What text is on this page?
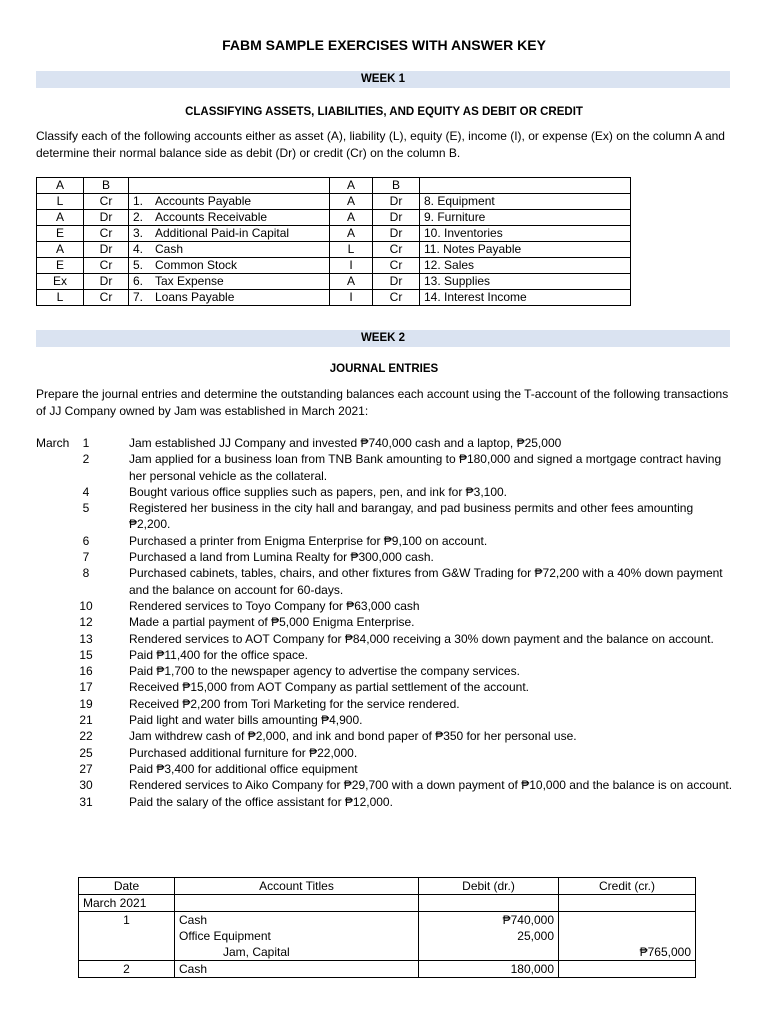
FABM SAMPLE EXERCISES WITH ANSWER KEY
WEEK 1
CLASSIFYING ASSETS, LIABILITIES, AND EQUITY AS DEBIT OR CREDIT
Classify each of the following accounts either as asset (A), liability (L), equity (E), income (I), or expense (Ex) on the column A and determine their normal balance side as debit (Dr) or credit (Cr) on the column B.
A	B		A	B	
L	Cr	1. Accounts Payable	A	Dr	8. Equipment
A	Dr	2. Accounts Receivable	A	Dr	9. Furniture
E	Cr	3. Additional Paid-in Capital	A	Dr	10. Inventories
A	Dr	4. Cash	L	Cr	11. Notes Payable
E	Cr	5. Common Stock	I	Cr	12. Sales
Ex	Dr	6. Tax Expense	A	Dr	13. Supplies
L	Cr	7. Loans Payable	I	Cr	14. Interest Income
WEEK 2
JOURNAL ENTRIES
Prepare the journal entries and determine the outstanding balances each account using the T-account of the following transactions of JJ Company owned by Jam was established in March 2021:
March	1	Jam established JJ Company and invested ₱740,000 cash and a laptop, ₱25,000
2	Jam applied for a business loan from TNB Bank amounting to ₱180,000 and signed a mortgage contract having her personal vehicle as the collateral.
4	Bought various office supplies such as papers, pen, and ink for ₱3,100.
5	Registered her business in the city hall and barangay, and pad business permits and other fees amounting ₱2,200.
6	Purchased a printer from Enigma Enterprise for ₱9,100 on account.
7	Purchased a land from Lumina Realty for ₱300,000 cash.
8	Purchased cabinets, tables, chairs, and other fixtures from G&W Trading for ₱72,200 with a 40% down payment and the balance on account for 60-days.
10	Rendered services to Toyo Company for ₱63,000 cash
12	Made a partial payment of ₱5,000 Enigma Enterprise.
13	Rendered services to AOT Company for ₱84,000 receiving a 30% down payment and the balance on account.
15	Paid ₱11,400 for the office space.
16	Paid ₱1,700 to the newspaper agency to advertise the company services.
17	Received ₱15,000 from AOT Company as partial settlement of the account.
19	Received ₱2,200 from Tori Marketing for the service rendered.
21	Paid light and water bills amounting ₱4,900.
22	Jam withdrew cash of ₱2,000, and ink and bond paper of ₱350 for her personal use.
25	Purchased additional furniture for ₱22,000.
27	Paid ₱3,400 for additional office equipment
30	Rendered services to Aiko Company for ₱29,700 with a down payment of ₱10,000 and the balance is on account.
31	Paid the salary of the office assistant for ₱12,000.
Date	Account Titles	Debit (dr.)	Credit (cr.)
March 2021			
1	Cash	₱740,000	
	Office Equipment	25,000	
	Jam, Capital		₱765,000
2	Cash	180,000	
